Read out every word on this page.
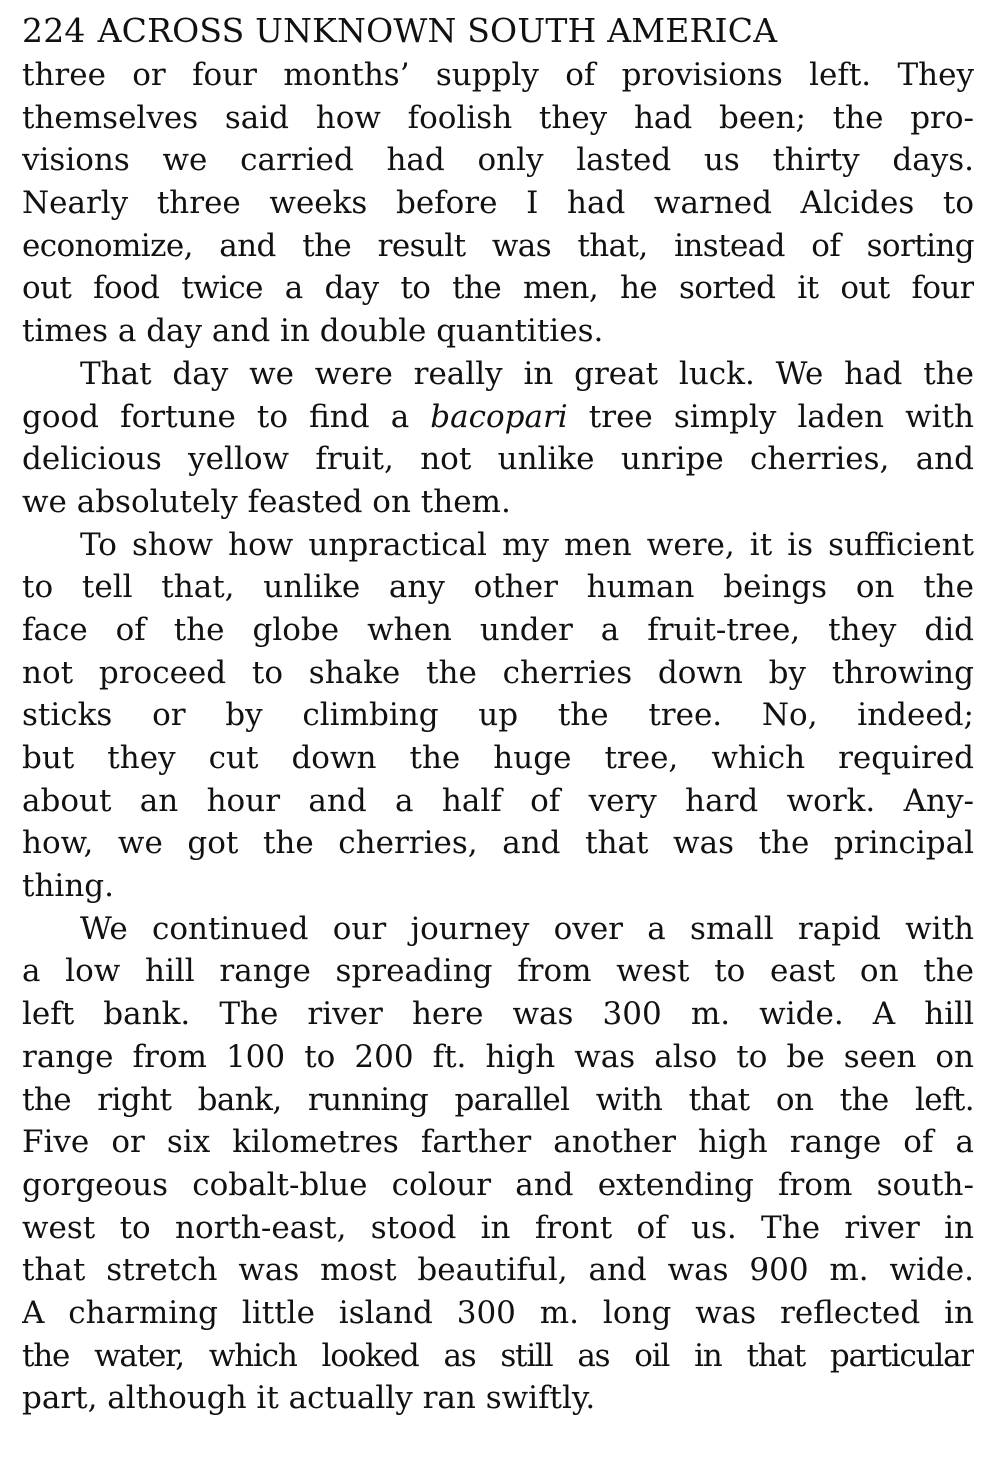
224 ACROSS UNKNOWN SOUTH AMERICA
three or four months’ supply of provisions left. They
themselves said how foolish they had been; the pro-
visions we carried had only lasted us thirty days.
Nearly three weeks before I had warned Alcides to
economize, and the result was that, instead of sorting
out food twice a day to the men, he sorted it out four
times a day and in double quantities.
That day we were really in great luck. We had the
good fortune to find a bacopari tree simply laden with
delicious yellow fruit, not unlike unripe cherries, and
we absolutely feasted on them.
To show how unpractical my men were, it is sufficient
to tell that, unlike any other human beings on the
face of the globe when under a fruit-tree, they did
not proceed to shake the cherries down by throwing
sticks or by climbing up the tree. No, indeed;
but they cut down the huge tree, which required
about an hour and a half of very hard work. Any-
how, we got the cherries, and that was the principal
thing.
We continued our journey over a small rapid with
a low hill range spreading from west to east on the
left bank. The river here was 300 m. wide. A hill
range from 100 to 200 ft. high was also to be seen on
the right bank, running parallel with that on the left.
Five or six kilometres farther another high range of a
gorgeous cobalt-blue colour and extending from south-
west to north-east, stood in front of us. The river in
that stretch was most beautiful, and was 900 m. wide.
A charming little island 300 m. long was reflected in
the water, which looked as still as oil in that particular
part, although it actually ran swiftly.
